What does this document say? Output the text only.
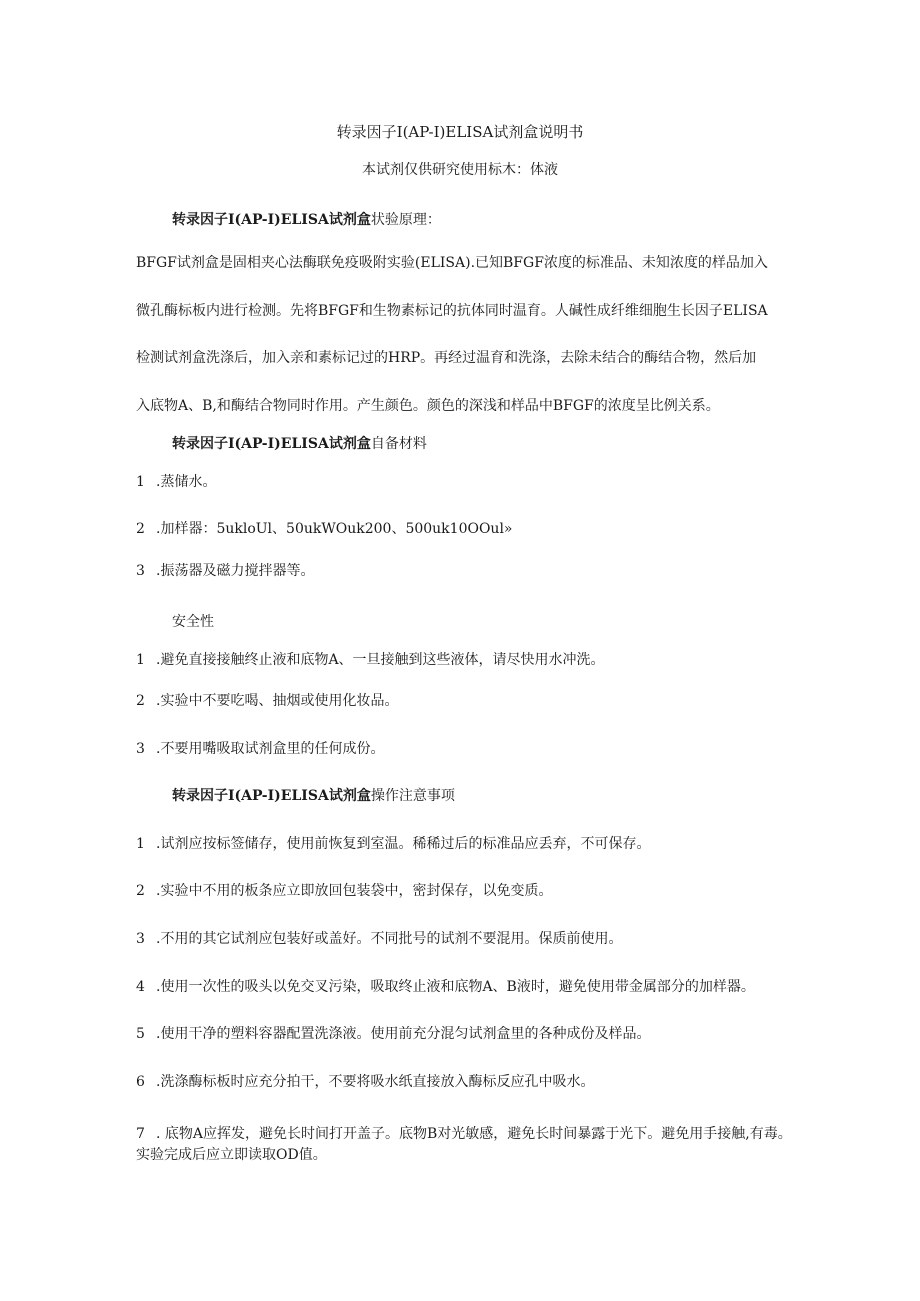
转录因子I(AP-I)ELISA试剂盒说明书
本试剂仅供研究使用标木：体液
转录因子I(AP-I)ELISA试剂盒状验原理：
BFGF试剂盒是固相夹心法酶联免疫吸附实验(ELISA).已知BFGF浓度的标准品、未知浓度的样品加入
微孔酶标板内进行检测。先将BFGF和生物素标记的抗体同时温育。人碱性成纤维细胞生长因子ELISA
检测试剂盒洗涤后，加入亲和素标记过的HRP。再经过温育和洗涤，去除未结合的酶结合物，然后加
入底物A、B,和酶结合物同时作用。产生颜色。颜色的深浅和样品中BFGF的浓度呈比例关系。
转录因子I(AP-I)ELISA试剂盒自备材料
1 .蒸储水。
2 .加样器：5ukloUl、50ukWOuk200、500uk10OOul»
3 .振荡器及磁力搅拌器等。
安全性
1 .避免直接接触终止液和底物A、一旦接触到这些液体，请尽快用水冲洗。
2 .实验中不要吃喝、抽烟或使用化妆品。
3 .不要用嘴吸取试剂盒里的任何成份。
转录因子I(AP-I)ELISA试剂盒操作注意事项
1 .试剂应按标签储存，使用前恢复到室温。稀稀过后的标准品应丢弃，不可保存。
2 .实验中不用的板条应立即放回包装袋中，密封保存，以免变质。
3 .不用的其它试剂应包装好或盖好。不同批号的试剂不要混用。保质前使用。
4 .使用一次性的吸头以免交叉污染，吸取终止液和底物A、B液时，避免使用带金属部分的加样器。
5 .使用干净的塑料容器配置洗涤液。使用前充分混匀试剂盒里的各种成份及样品。
6 .洗涤酶标板时应充分拍干，不要将吸水纸直接放入酶标反应孔中吸水。
7 . 底物A应挥发，避免长时间打开盖子。底物B对光敏感，避免长时间暴露于光下。避免用手接触,有毒。实验完成后应立即读取OD值。
